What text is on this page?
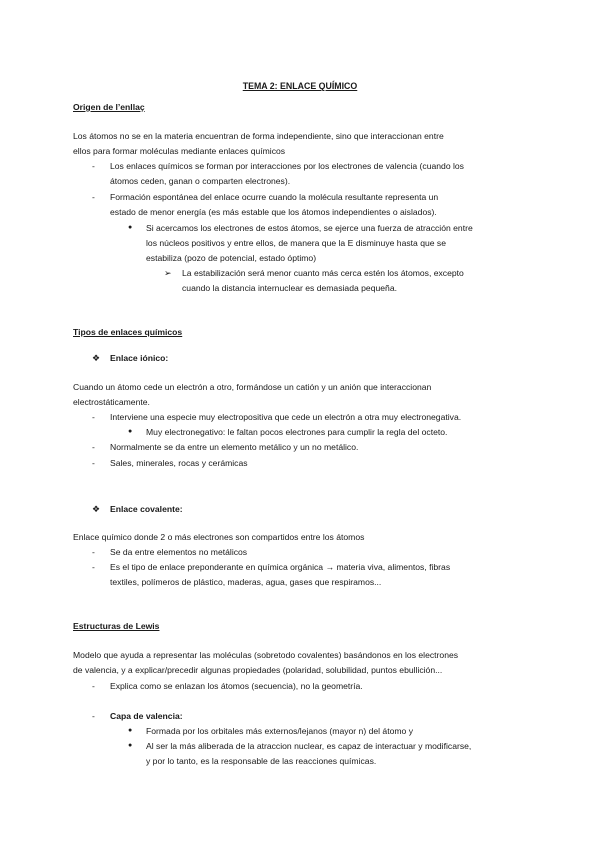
TEMA 2: ENLACE QUÍMICO
Origen de l’enllaç
Los átomos no se en la materia encuentran de forma independiente, sino que interaccionan entre
ellos para formar moléculas mediante enlaces químicos
- Los enlaces químicos se forman por interacciones por los electrones de valencia (cuando los
átomos ceden, ganan o comparten electrones).
- Formación espontánea del enlace ocurre cuando la molécula resultante representa un
estado de menor energía (es más estable que los átomos independientes o aislados).
● Si acercamos los electrones de estos átomos, se ejerce una fuerza de atracción entre
los núcleos positivos y entre ellos, de manera que la E disminuye hasta que se
estabiliza (pozo de potencial, estado óptimo)
➢ La estabilización será menor cuanto más cerca estén los átomos, excepto
cuando la distancia internuclear es demasiada pequeña.
Tipos de enlaces químicos
❖ Enlace iónico:
Cuando un átomo cede un electrón a otro, formándose un catión y un anión que interaccionan
electrostáticamente.
- Interviene una especie muy electropositiva que cede un electrón a otra muy electronegativa.
● Muy electronegativo: le faltan pocos electrones para cumplir la regla del octeto.
- Normalmente se da entre un elemento metálico y un no metálico.
- Sales, minerales, rocas y cerámicas
❖ Enlace covalente:
Enlace químico donde 2 o más electrones son compartidos entre los átomos
- Se da entre elementos no metálicos
- Es el tipo de enlace preponderante en química orgánica → materia viva, alimentos, fibras
textiles, polímeros de plástico, maderas, agua, gases que respiramos...
Estructuras de Lewis
Modelo que ayuda a representar las moléculas (sobretodo covalentes) basándonos en los electrones
de valencia, y a explicar/precedir algunas propiedades (polaridad, solubilidad, puntos ebullición...
- Explica como se enlazan los átomos (secuencia), no la geometría.
- Capa de valencia:
● Formada por los orbitales más externos/lejanos (mayor n) del átomo y
● Al ser la más aliberada de la atraccion nuclear, es capaz de interactuar y modificarse,
y por lo tanto, es la responsable de las reacciones químicas.
